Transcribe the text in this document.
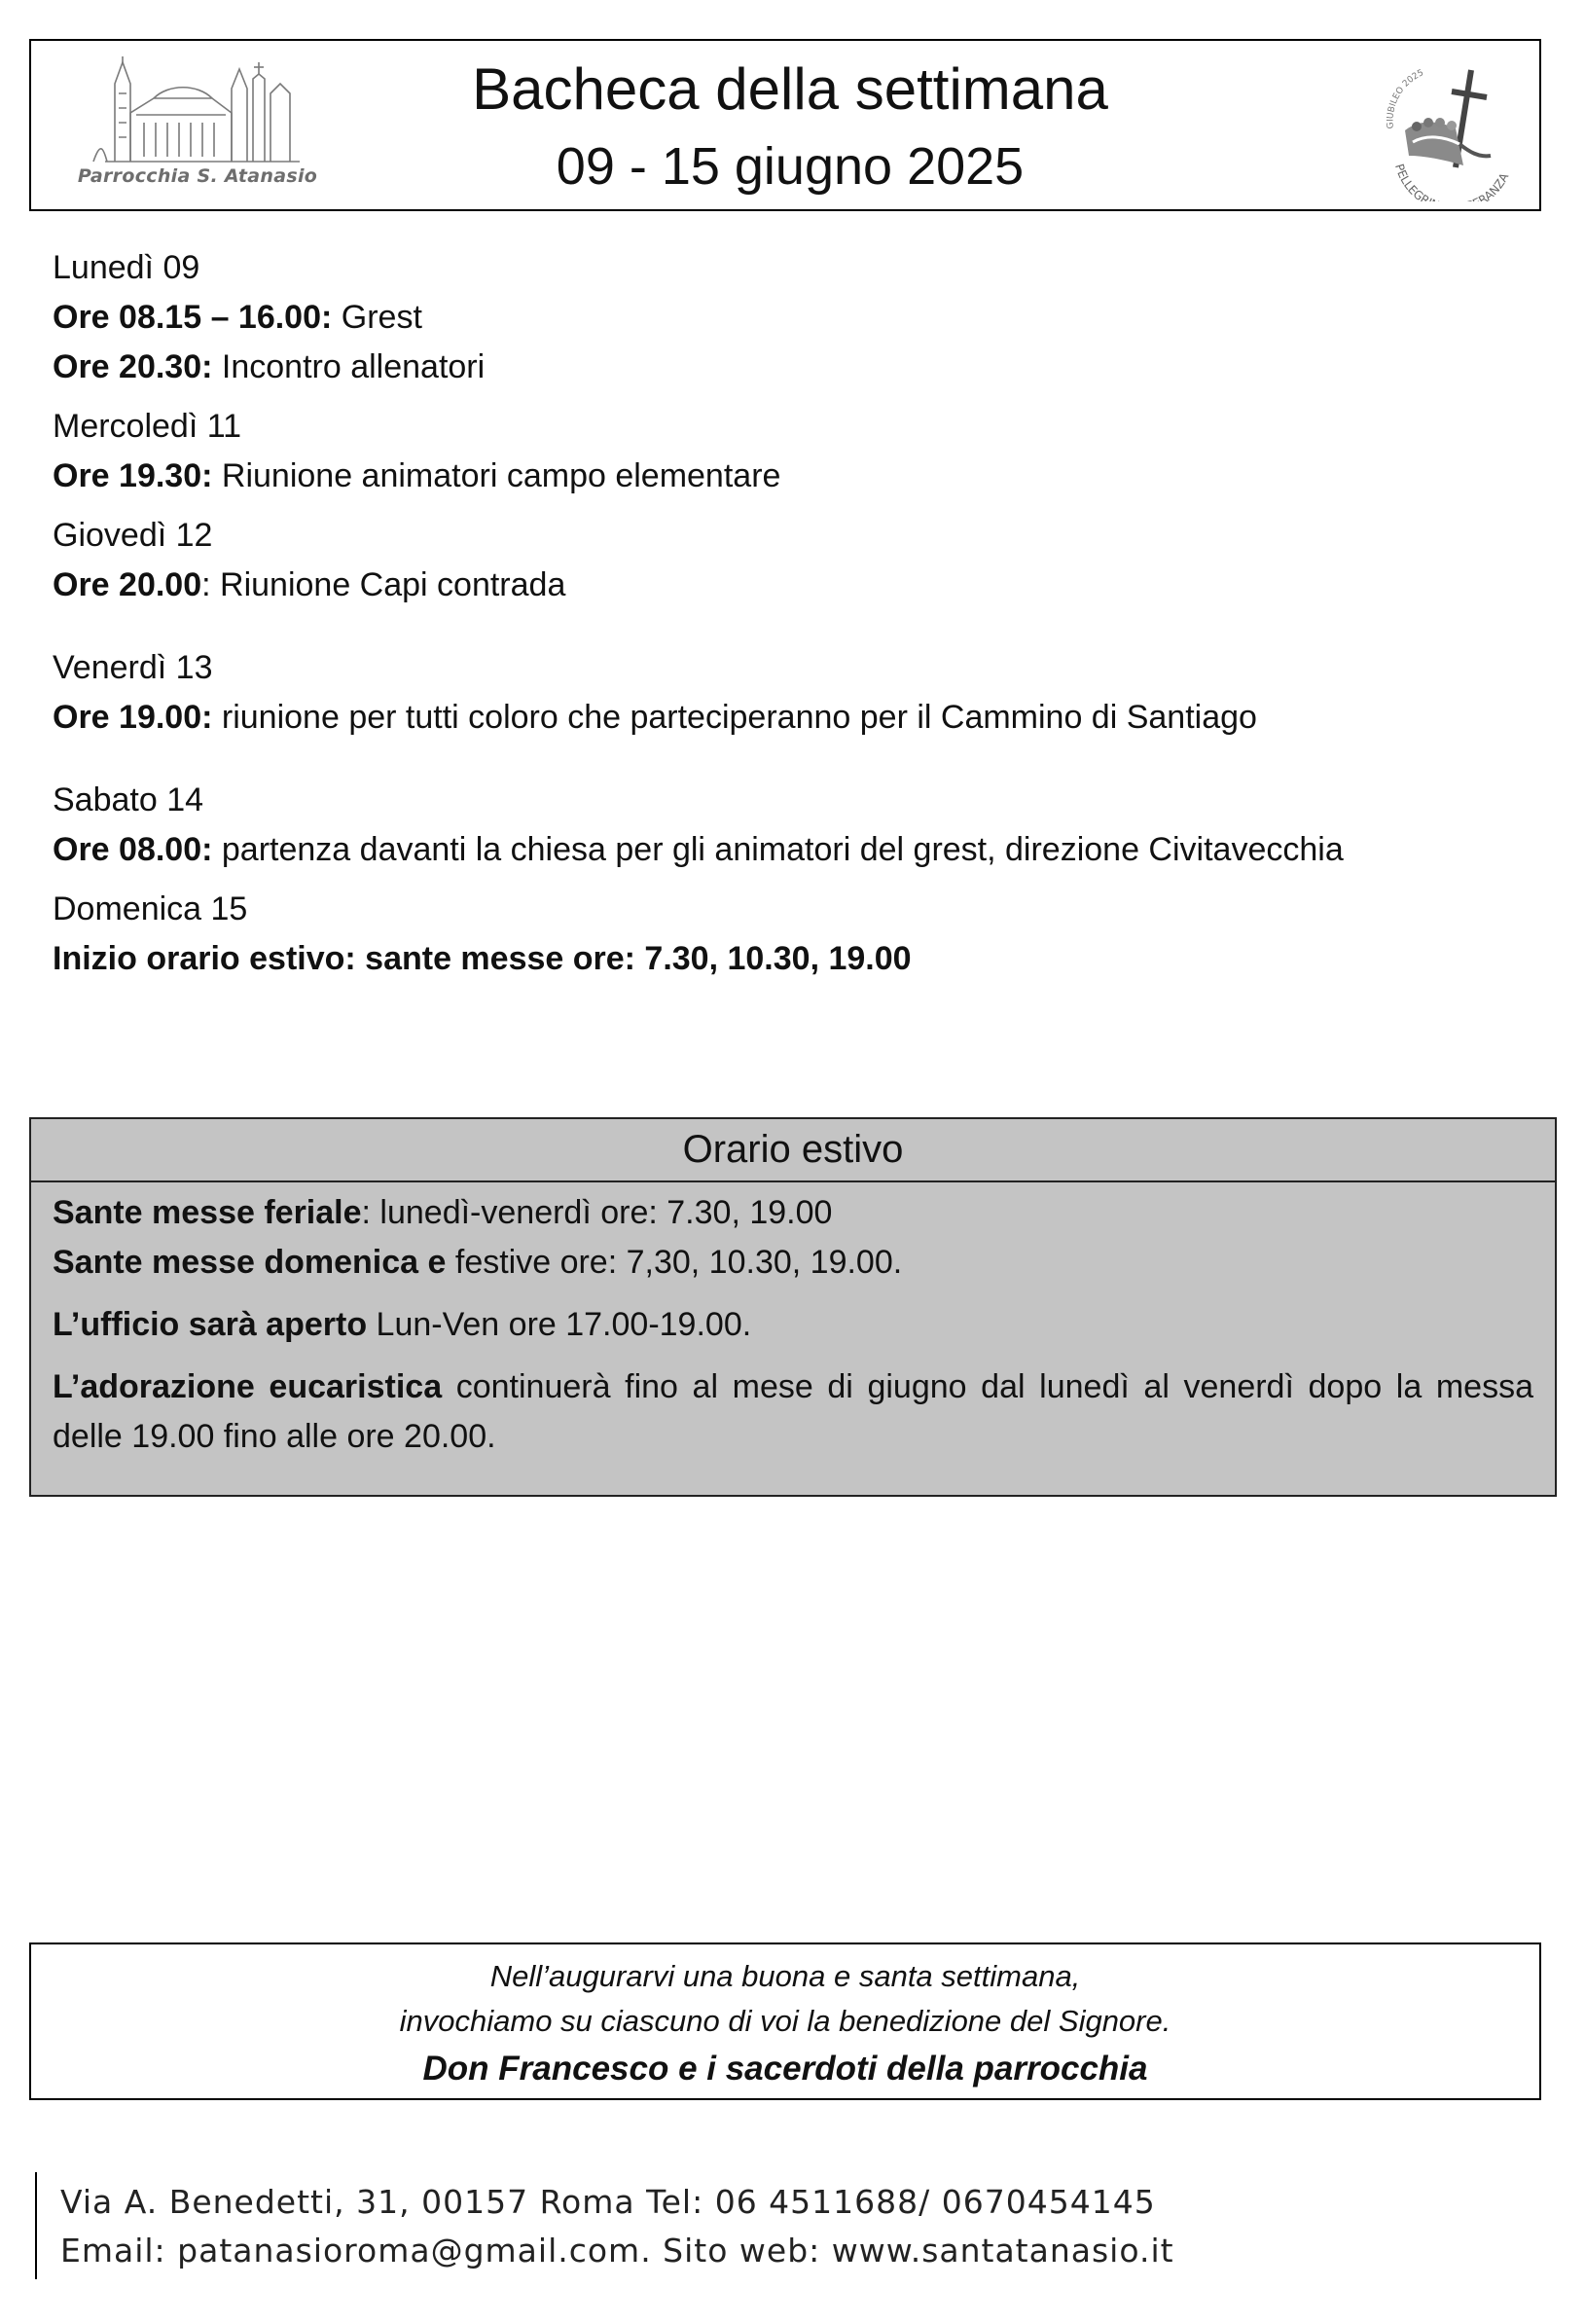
Parrocchia S. Atanasio
Bacheca della settimana
09 - 15 giugno 2025
GIUBILEO 2025
PELLEGR RANZA
Lunedì 09
Ore 08.15 – 16.00: Grest
Ore 20.30: Incontro allenatori
Mercoledì 11
Ore 19.30: Riunione animatori campo elementare
Giovedì 12
Ore 20.00: Riunione Capi contrada
Venerdì 13
Ore 19.00: riunione per tutti coloro che parteciperanno per il Cammino di Santiago
Sabato 14
Ore 08.00: partenza davanti la chiesa per gli animatori del grest, direzione Civitavecchia
Domenica 15
Inizio orario estivo: sante messe ore: 7.30, 10.30, 19.00
Orario estivo
Sante messe feriale: lunedì-venerdì ore: 7.30, 19.00
Sante messe domenica e festive ore: 7,30, 10.30, 19.00.
L’ufficio sarà aperto Lun-Ven ore 17.00-19.00.
L’adorazione eucaristica continuerà fino al mese di giugno dal lunedì al venerdì dopo la messa delle 19.00 fino alle ore 20.00.
Nell’augurarvi una buona e santa settimana,
invochiamo su ciascuno di voi la benedizione del Signore.
Don Francesco e i sacerdoti della parrocchia
Via A. Benedetti, 31, 00157 Roma Tel: 06 4511688/ 0670454145
Email: patanasioroma@gmail.com. Sito web: www.santatanasio.it
